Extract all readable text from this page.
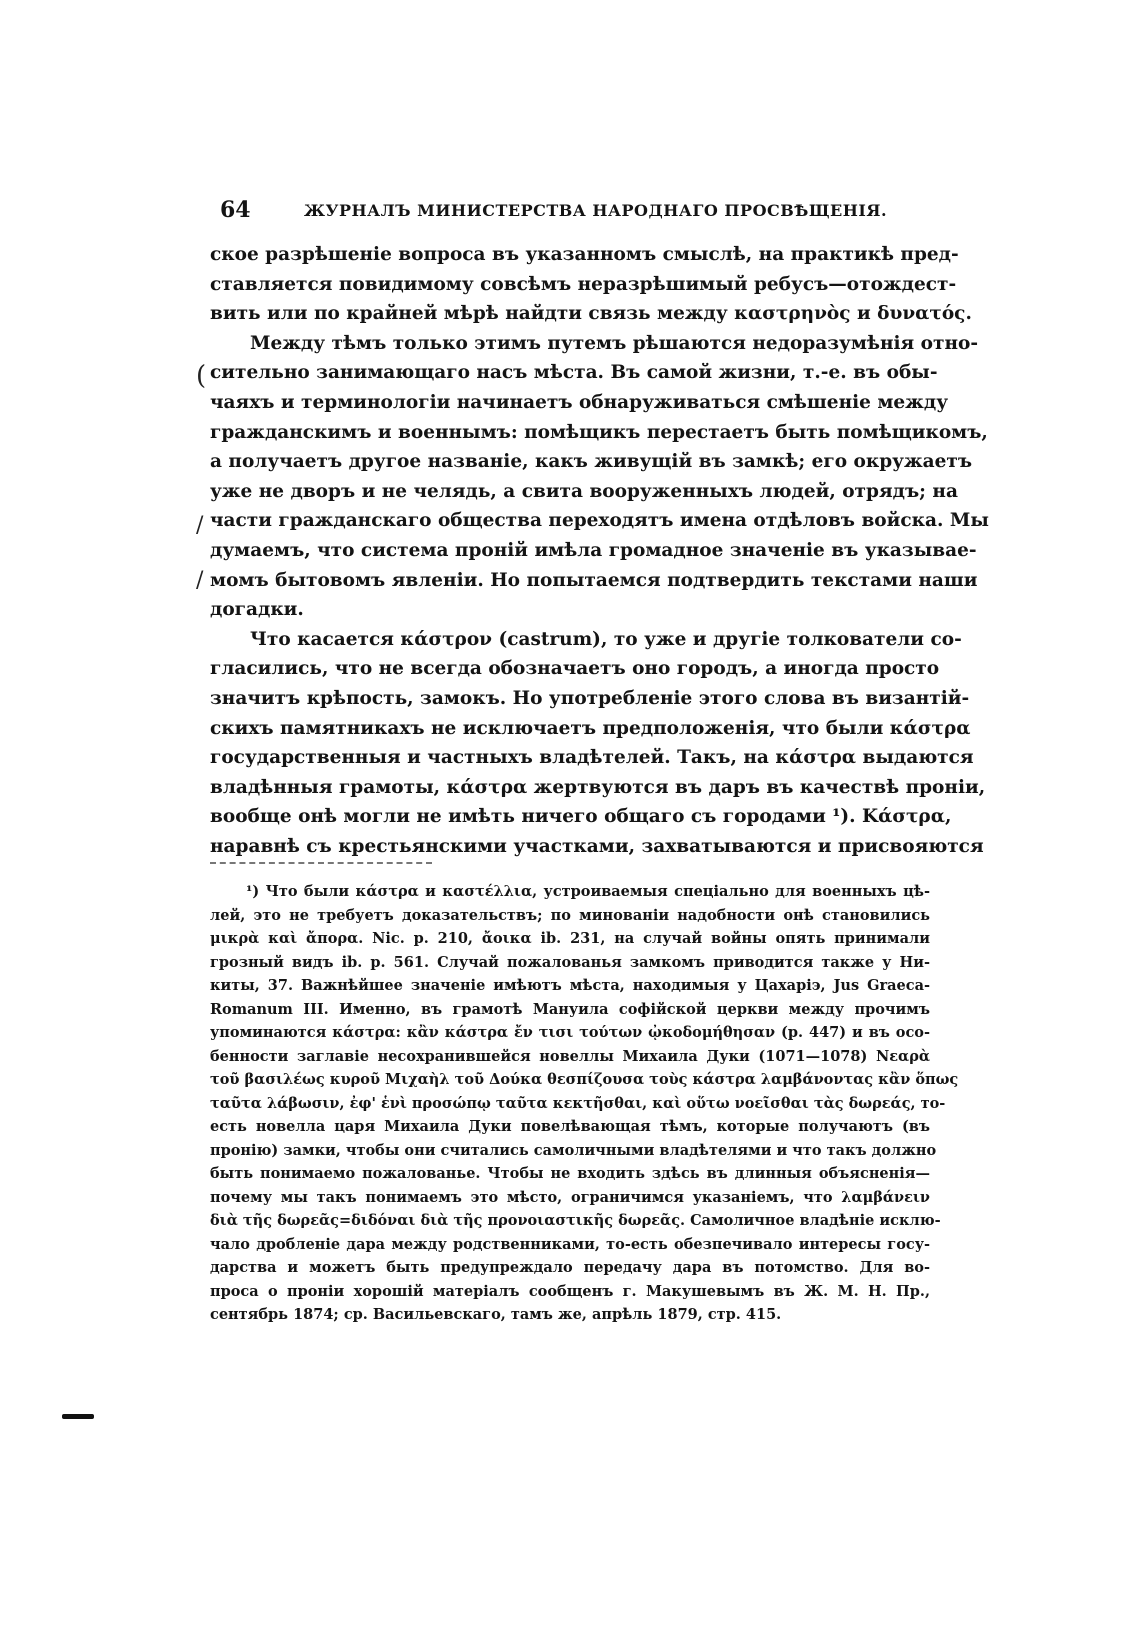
64	ЖУРНАЛЪ МИНИСТЕРСТВА НАРОДНАГО ПРОСВѢЩЕНІЯ.
ское разрѣшеніе вопроса въ указанномъ смыслѣ, на практикѣ пред-
ставляется повидимому совсѣмъ неразрѣшимый ребусъ—отождест-
вить или по крайней мѣрѣ найдти связь между καστρηνὸς и δυνατός.
Между тѣмъ только этимъ путемъ рѣшаются недоразумѣнія отно-
сительно занимающаго насъ мѣста. Въ самой жизни, т.-е. въ обы-
чаяхъ и терминологіи начинаетъ обнаруживаться смѣшеніе между
гражданскимъ и военнымъ: помѣщикъ перестаетъ быть помѣщикомъ,
а получаетъ другое названіе, какъ живущій въ замкѣ; его окружаетъ
уже не дворъ и не челядь, а свита вооруженныхъ людей, отрядъ; на
части гражданскаго общества переходятъ имена отдѣловъ войска. Мы
думаемъ, что система проній имѣла громадное значеніе въ указывае-
момъ бытовомъ явленіи. Но попытаемся подтвердить текстами наши
догадки.
Что касается κάστρον (castrum), то уже и другіе толкователи со-
гласились, что не всегда обозначаетъ оно городъ, а иногда просто
значитъ крѣпость, замокъ. Но употребленіе этого слова въ византій-
скихъ памятникахъ не исключаетъ предположенія, что были κάστρα
государственныя и частныхъ владѣтелей. Такъ, на κάστρα выдаются
владѣнныя грамоты, κάστρα жертвуются въ даръ въ качествѣ проніи,
вообще онѣ могли не имѣть ничего общаго съ городами ¹). Κάστρα,
наравнѣ съ крестьянскими участками, захватываются и присвояются
(
/
/
¹) Что были κάστρα и καστέλλια, устроиваемыя спеціально для военныхъ цѣ-
лей, это не требуетъ доказательствъ; по миновaніи надобности онѣ становились
μικρὰ καὶ ἄπορα. Nic. p. 210, ἄοικα ib. 231, на случай войны опять принимали
грозный видъ ib. p. 561. Случай пожалованья замкомъ приводится также у Ни-
киты, 37. Важнѣйшее значеніе имѣютъ мѣста, находимыя у Цахаріэ, Jus Graeca-
Romanum III. Именно, въ грамотѣ Мануила софійской церкви между прочимъ
упоминаются κάστρα: κἂν κάστρα ἔν τισι τούτων ᾠκοδομήθησαν (p. 447) и въ осо-
бенности заглавіе несохранившейся новеллы Михаила Дуки (1071—1078) Νεαρὰ
τοῦ βασιλέως κυροῦ Μιχαὴλ τοῦ Δούκα θεσπίζουσα τοὺς κάστρα λαμβάνοντας κἂν ὅπως
ταῦτα λάβωσιν, ἐφ' ἑνὶ προσώπῳ ταῦτα κεκτῆσθαι, καὶ οὕτω νοεῖσθαι τὰς δωρεάς, то-
есть новелла царя Михаила Дуки повелѣвающая тѣмъ, которые получаютъ (въ
пронію) замки, чтобы они считались самоличными владѣтелями и что такъ должно
быть понимаемо пожалованье. Чтобы не входить здѣсь въ длинныя объясненія—
почему мы такъ понимаемъ это мѣсто, ограничимся указаніемъ, что λαμβάνειν
διὰ τῆς δωρεᾶς=διδόναι διὰ τῆς προνοιαστικῆς δωρεᾶς. Самоличное владѣніе исклю-
чало дробленіе дара между родственниками, то-есть обезпечивало интересы госу-
дарства и можетъ быть предупреждало передачу дара въ потомство. Для во-
проса о проніи хорошій матеріалъ сообщенъ г. Макушевымъ въ Ж. М. Н. Пр.,
сентябрь 1874; ср. Васильевскаго, тамъ же, апрѣль 1879, стр. 415.
